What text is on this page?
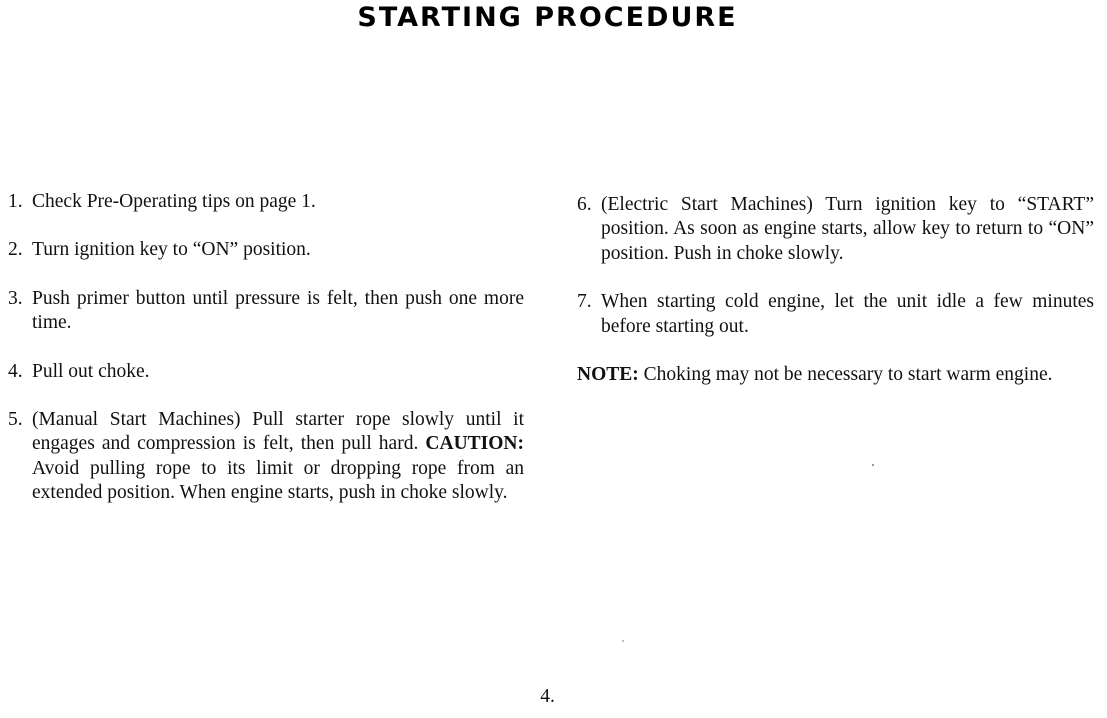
STARTING PROCEDURE
1. Check Pre-Operating tips on page 1.
2. Turn ignition key to “ON” position.
3. Push primer button until pressure is felt, then push one more time.
4. Pull out choke.
5. (Manual Start Machines) Pull starter rope slowly until it engages and compression is felt, then pull hard. CAUTION: Avoid pulling rope to its limit or dropping rope from an extended position. When engine starts, push in choke slowly.
6. (Electric Start Machines) Turn ignition key to “START” position. As soon as engine starts, allow key to return to “ON” position. Push in choke slowly.
7. When starting cold engine, let the unit idle a few minutes before starting out.

NOTE: Choking may not be necessary to start warm engine.

4.
